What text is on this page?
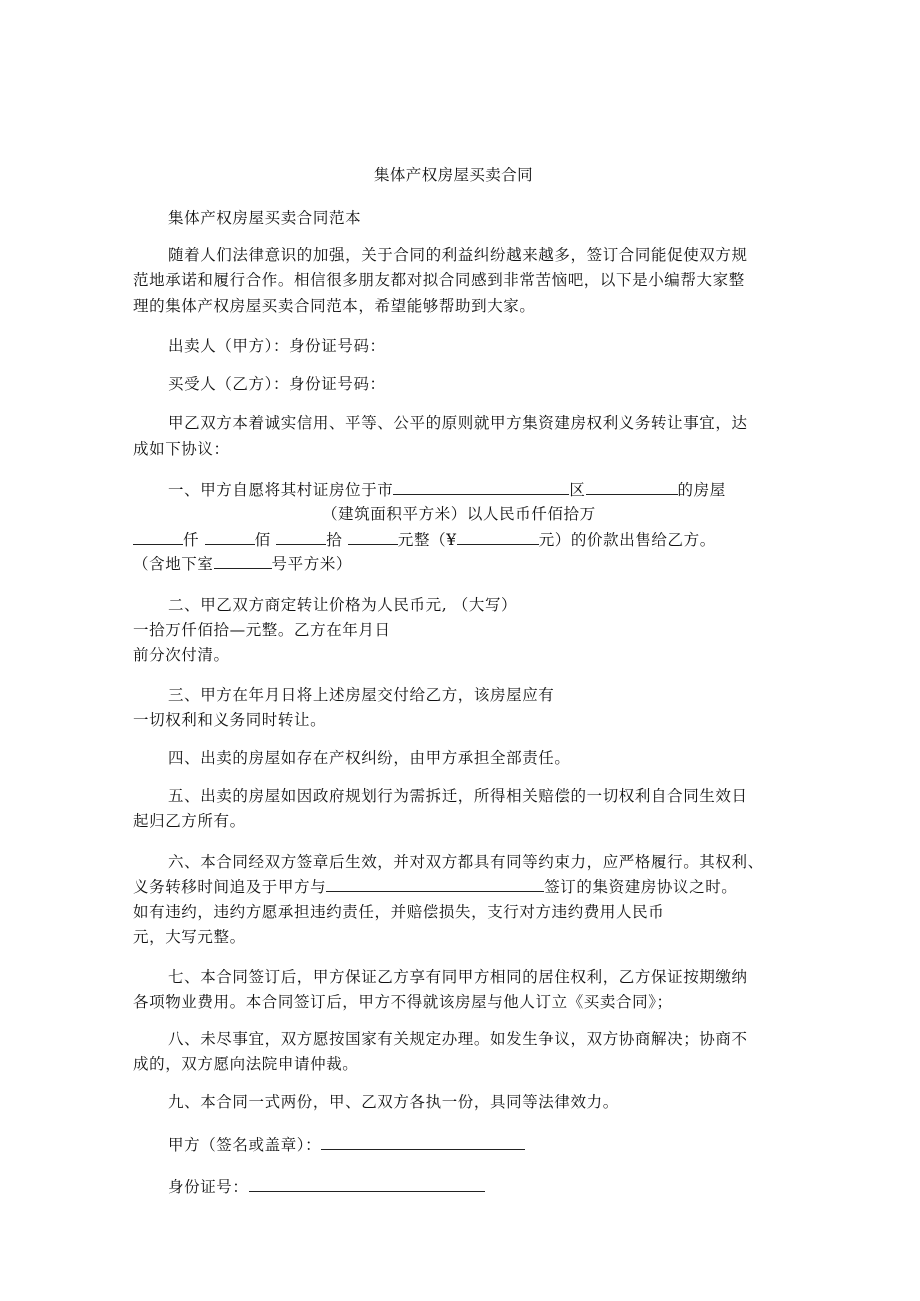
集体产权房屋买卖合同
集体产权房屋买卖合同范本
随着人们法律意识的加强，关于合同的利益纠纷越来越多，签订合同能促使双方规
范地承诺和履行合作。相信很多朋友都对拟合同感到非常苦恼吧，以下是小编帮大家整
理的集体产权房屋买卖合同范本，希望能够帮助到大家。
出卖人（甲方）：身份证号码：
买受人（乙方）：身份证号码：
甲乙双方本着诚实信用、平等、公平的原则就甲方集资建房权利义务转让事宜，达
成如下协议：
一、甲方自愿将其村证房位于市	区	的房屋
（建筑面积平方米）以人民币仟佰拾万
仟	佰	拾	元整（¥	元）的价款出售给乙方。
（含地下室	号平方米）
二、甲乙双方商定转让价格为人民币元, （大写）
一拾万仟佰拾—元整。乙方在年月日
前分次付清。
三、甲方在年月日将上述房屋交付给乙方，该房屋应有
一切权利和义务同时转让。
四、出卖的房屋如存在产权纠纷，由甲方承担全部责任。
五、出卖的房屋如因政府规划行为需拆迁，所得相关赔偿的一切权利自合同生效日
起归乙方所有。
六、本合同经双方签章后生效，并对双方都具有同等约束力，应严格履行。其权利、
义务转移时间追及于甲方与	签订的集资建房协议之时。
如有违约，违约方愿承担违约责任，并赔偿损失，支行对方违约费用人民币
元，大写元整。
七、本合同签订后，甲方保证乙方享有同甲方相同的居住权利，乙方保证按期缴纳
各项物业费用。本合同签订后，甲方不得就该房屋与他人订立《买卖合同》；
八、未尽事宜，双方愿按国家有关规定办理。如发生争议，双方协商解决；协商不
成的，双方愿向法院申请仲裁。
九、本合同一式两份，甲、乙双方各执一份，具同等法律效力。
甲方（签名或盖章）：
身份证号：
